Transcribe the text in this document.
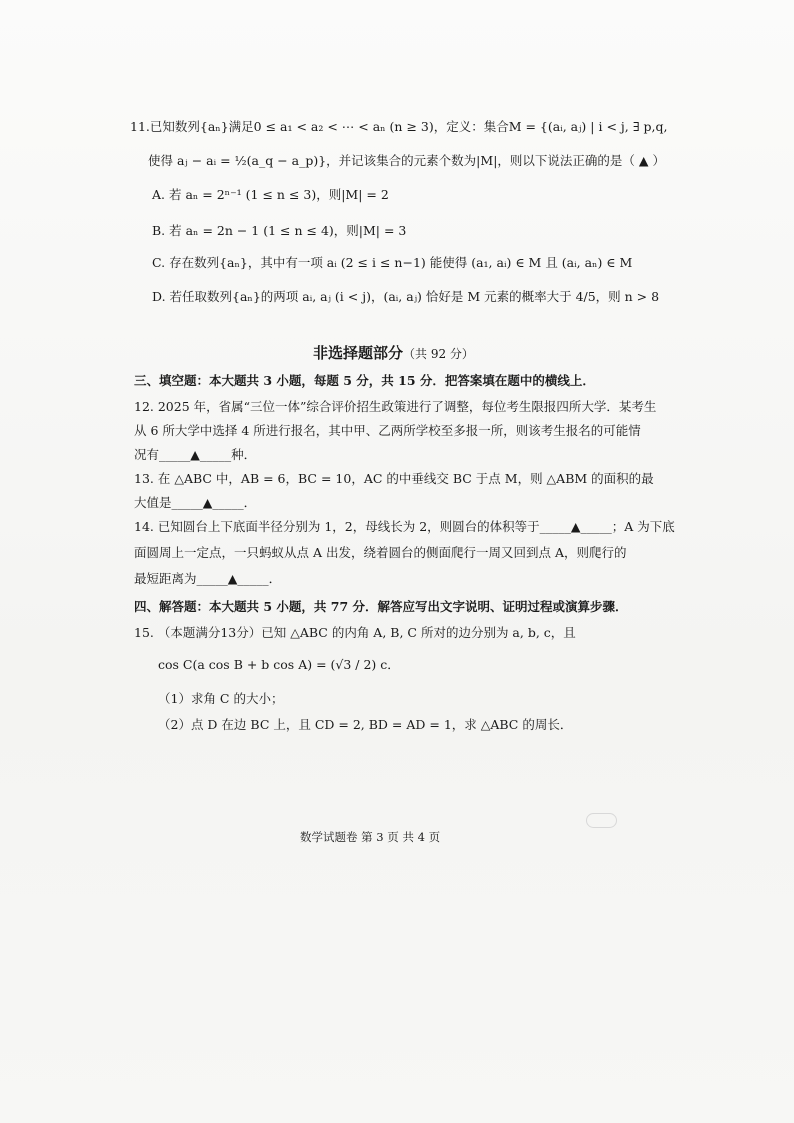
11.已知数列{aₙ}满足0 ≤ a₁ < a₂ < ⋯ < aₙ (n ≥ 3)，定义：集合M = {(aᵢ, aⱼ) | i < j, ∃ p,q,
使得 aⱼ − aᵢ = ½(a_q − a_p)}，并记该集合的元素个数为|M|，则以下说法正确的是（ ▲ ）
A. 若 aₙ = 2ⁿ⁻¹ (1 ≤ n ≤ 3)，则|M| = 2
B. 若 aₙ = 2n − 1 (1 ≤ n ≤ 4)，则|M| = 3
C. 存在数列{aₙ}，其中有一项 aᵢ (2 ≤ i ≤ n−1) 能使得 (a₁, aᵢ) ∈ M 且 (aᵢ, aₙ) ∈ M
D. 若任取数列{aₙ}的两项 aᵢ, aⱼ (i < j)，(aᵢ, aⱼ) 恰好是 M 元素的概率大于 4/5，则 n > 8
非选择题部分（共 92 分）
三、填空题：本大题共 3 小题，每题 5 分，共 15 分．把答案填在题中的横线上．
12. 2025 年，省属“三位一体”综合评价招生政策进行了调整，每位考生限报四所大学．某考生
从 6 所大学中选择 4 所进行报名，其中甲、乙两所学校至多报一所，则该考生报名的可能情
况有_____▲_____种．
13. 在 △ABC 中，AB = 6，BC = 10，AC 的中垂线交 BC 于点 M，则 △ABM 的面积的最
大值是_____▲_____．
14. 已知圆台上下底面半径分别为 1，2，母线长为 2，则圆台的体积等于_____▲_____；A 为下底
面圆周上一定点，一只蚂蚁从点 A 出发，绕着圆台的侧面爬行一周又回到点 A，则爬行的
最短距离为_____▲_____．
四、解答题：本大题共 5 小题，共 77 分．解答应写出文字说明、证明过程或演算步骤．
15. （本题满分13分）已知 △ABC 的内角 A, B, C 所对的边分别为 a, b, c，且
cos C(a cos B + b cos A) = (√3 / 2) c．
（1）求角 C 的大小；
（2）点 D 在边 BC 上，且 CD = 2, BD = AD = 1，求 △ABC 的周长．
数学试题卷 第 3 页 共 4 页
